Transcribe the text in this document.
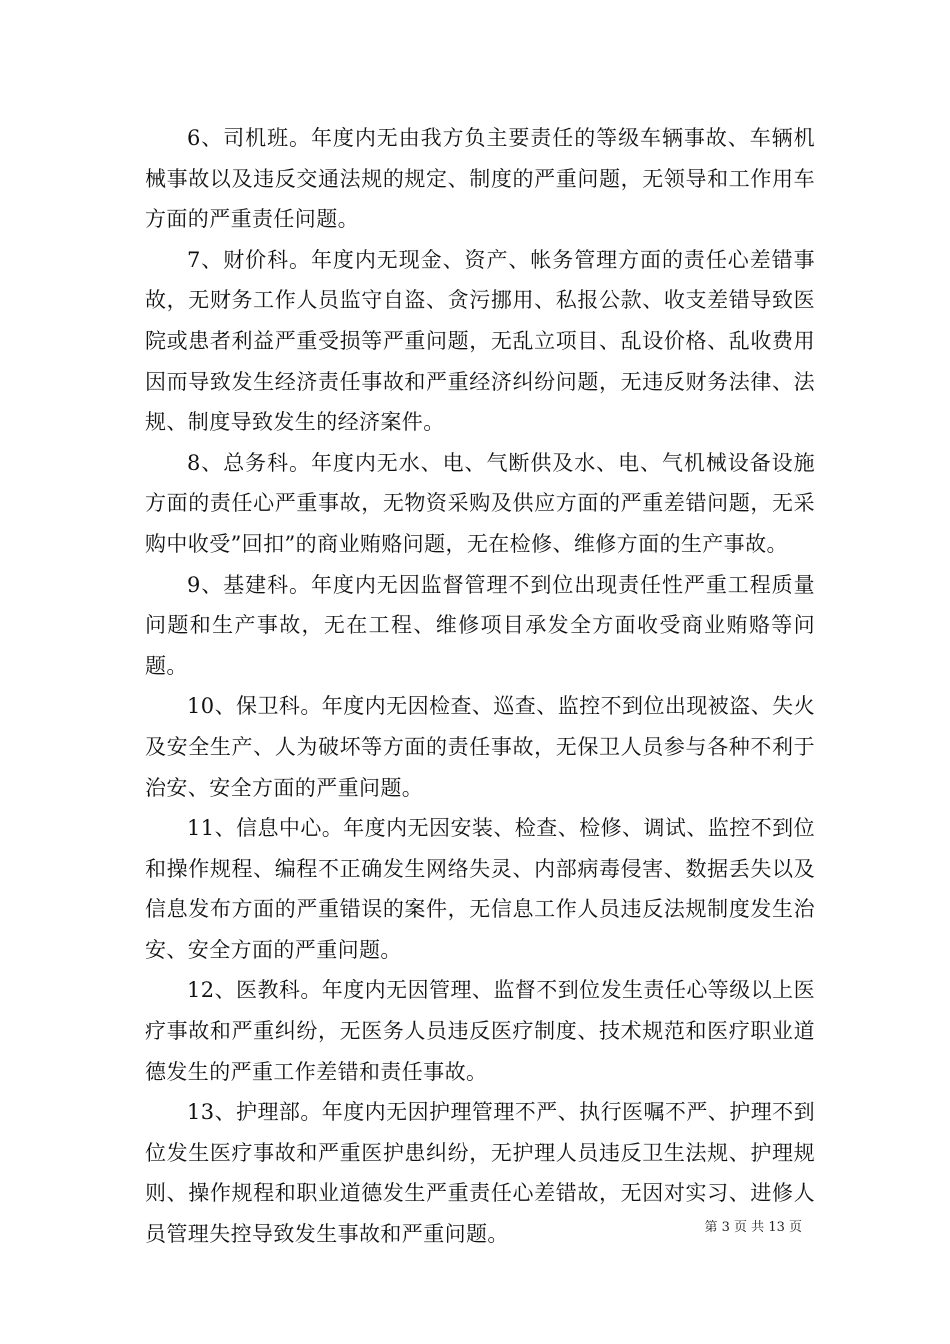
6、司机班。年度内无由我方负主要责任的等级车辆事故、车辆机械事故以及违反交通法规的规定、制度的严重问题，无领导和工作用车方面的严重责任问题。

7、财价科。年度内无现金、资产、帐务管理方面的责任心差错事故，无财务工作人员监守自盗、贪污挪用、私报公款、收支差错导致医院或患者利益严重受损等严重问题，无乱立项目、乱设价格、乱收费用因而导致发生经济责任事故和严重经济纠纷问题，无违反财务法律、法规、制度导致发生的经济案件。

8、总务科。年度内无水、电、气断供及水、电、气机械设备设施方面的责任心严重事故，无物资采购及供应方面的严重差错问题，无采购中收受”回扣”的商业贿赂问题，无在检修、维修方面的生产事故。

9、基建科。年度内无因监督管理不到位出现责任性严重工程质量问题和生产事故，无在工程、维修项目承发全方面收受商业贿赂等问题。

10、保卫科。年度内无因检查、巡查、监控不到位出现被盗、失火及安全生产、人为破坏等方面的责任事故，无保卫人员参与各种不利于治安、安全方面的严重问题。

11、信息中心。年度内无因安装、检查、检修、调试、监控不到位和操作规程、编程不正确发生网络失灵、内部病毒侵害、数据丢失以及信息发布方面的严重错误的案件，无信息工作人员违反法规制度发生治安、安全方面的严重问题。

12、医教科。年度内无因管理、监督不到位发生责任心等级以上医疗事故和严重纠纷，无医务人员违反医疗制度、技术规范和医疗职业道德发生的严重工作差错和责任事故。

13、护理部。年度内无因护理管理不严、执行医嘱不严、护理不到位发生医疗事故和严重医护患纠纷，无护理人员违反卫生法规、护理规则、操作规程和职业道德发生严重责任心差错故，无因对实习、进修人员管理失控导致发生事故和严重问题。	第 3 页 共 13 页
